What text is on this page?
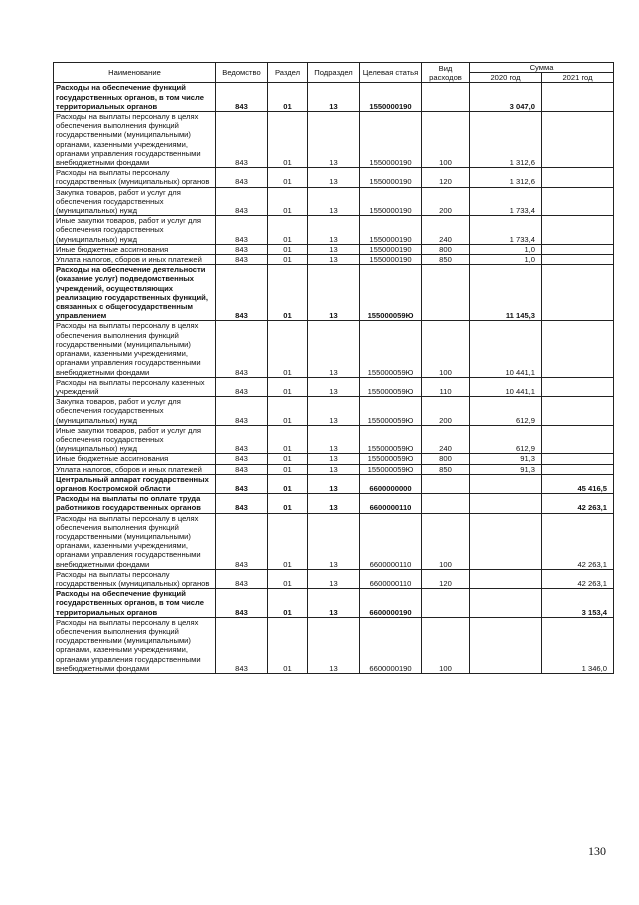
Наименование	Ведомство	Раздел	Подраздел	Целевая статья	Вид расходов	Сумма	
						2020 год	2021 год
Расходы на обеспечение функций государственных органов, в том числе территориальных органов	843	01	13	1550000190		3 047,0	
Расходы на выплаты персоналу в целях обеспечения выполнения функций государственными (муниципальными) органами, казенными учреждениями, органами управления государственными внебюджетными фондами	843	01	13	1550000190	100	1 312,6	
Расходы на выплаты персоналу государственных (муниципальных) органов	843	01	13	1550000190	120	1 312,6	
Закупка товаров, работ и услуг для обеспечения государственных (муниципальных) нужд	843	01	13	1550000190	200	1 733,4	
Иные закупки товаров, работ и услуг для обеспечения государственных (муниципальных) нужд	843	01	13	1550000190	240	1 733,4	
Иные бюджетные ассигнования	843	01	13	1550000190	800	1,0	
Уплата налогов, сборов и иных платежей	843	01	13	1550000190	850	1,0	
Расходы на обеспечение деятельности (оказание услуг) подведомственных учреждений, осуществляющих реализацию государственных функций, связанных с общегосударственным управлением	843	01	13	155000059Ю		11 145,3	
Расходы на выплаты персоналу в целях обеспечения выполнения функций государственными (муниципальными) органами, казенными учреждениями, органами управления государственными внебюджетными фондами	843	01	13	155000059Ю	100	10 441,1	
Расходы на выплаты персоналу казенных учреждений	843	01	13	155000059Ю	110	10 441,1	
Закупка товаров, работ и услуг для обеспечения государственных (муниципальных) нужд	843	01	13	155000059Ю	200	612,9	
Иные закупки товаров, работ и услуг для обеспечения государственных (муниципальных) нужд	843	01	13	155000059Ю	240	612,9	
Иные бюджетные ассигнования	843	01	13	155000059Ю	800	91,3	
Уплата налогов, сборов и иных платежей	843	01	13	155000059Ю	850	91,3	
Центральный аппарат государственных органов Костромской области	843	01	13	6600000000			45 416,5
Расходы на выплаты по оплате труда работников государственных органов	843	01	13	6600000110			42 263,1
Расходы на выплаты персоналу в целях обеспечения выполнения функций государственными (муниципальными) органами, казенными учреждениями, органами управления государственными внебюджетными фондами	843	01	13	6600000110	100		42 263,1
Расходы на выплаты персоналу государственных (муниципальных) органов	843	01	13	6600000110	120		42 263,1
Расходы на обеспечение функций государственных органов, в том числе территориальных органов	843	01	13	6600000190			3 153,4
Расходы на выплаты персоналу в целях обеспечения выполнения функций государственными (муниципальными) органами, казенными учреждениями, органами управления государственными внебюджетными фондами	843	01	13	6600000190	100		1 346,0
130
